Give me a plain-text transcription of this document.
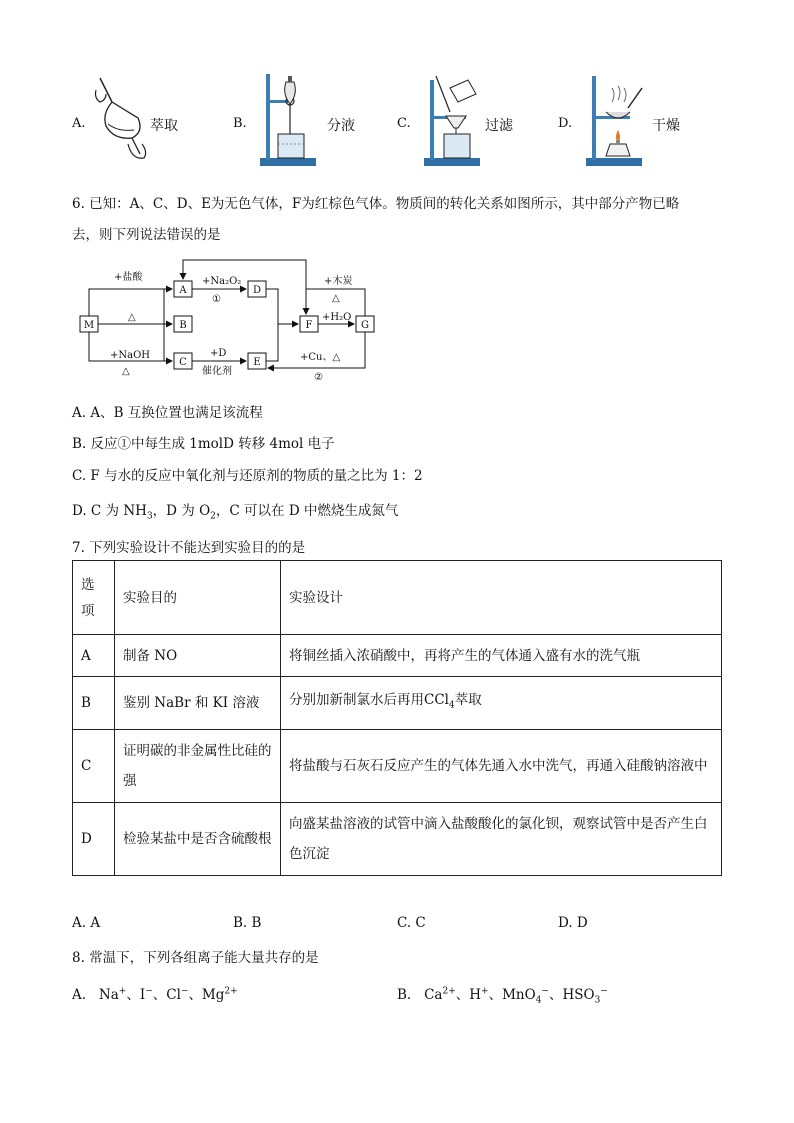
A.	萃取	B.	分液	C.	过滤	D.	干燥
6. 已知：A、C、D、E为无色气体，F为红棕色气体。物质间的转化关系如图所示，其中部分产物已略
去，则下列说法错误的是
+盐酸
△
+NaOH
△
+Na₂O₂
①
+D
催化剂
+木炭
△
+H₂O
+Cu、△
②
M
A
B
C
D
E
F	G
A. A、B 互换位置也满足该流程
B. 反应①中每生成 1molD 转移 4mol 电子
C. F 与水的反应中氧化剂与还原剂的物质的量之比为 1：2
D. C 为 $NH_3$，D 为 $O_2$，C 可以在 D 中燃烧生成氮气
7. 下列实验设计不能达到实验目的的是
选项	实验目的	实验设计
A	制备 NO	将铜丝插入浓硝酸中，再将产生的气体通入盛有水的洗气瓶
B	鉴别 NaBr 和 KI 溶液	分别加新制氯水后再用CCl$_4$萃取
C	证明碳的非金属性比硅的强	将盐酸与石灰石反应产生的气体先通入水中洗气，再通入硅酸钠溶液中
D	检验某盐中是否含硫酸根	向盛某盐溶液的试管中滴入盐酸酸化的氯化钡，观察试管中是否产生白色沉淀
A. A	B. B	C. C	D. D
8. 常温下，下列各组离子能大量共存的是
A.   Na+、I−、Cl−、$Mg^{2+}$	B.   $Ca^{2+}$、H+、MnO$_4$−、$HSO_3^-$
